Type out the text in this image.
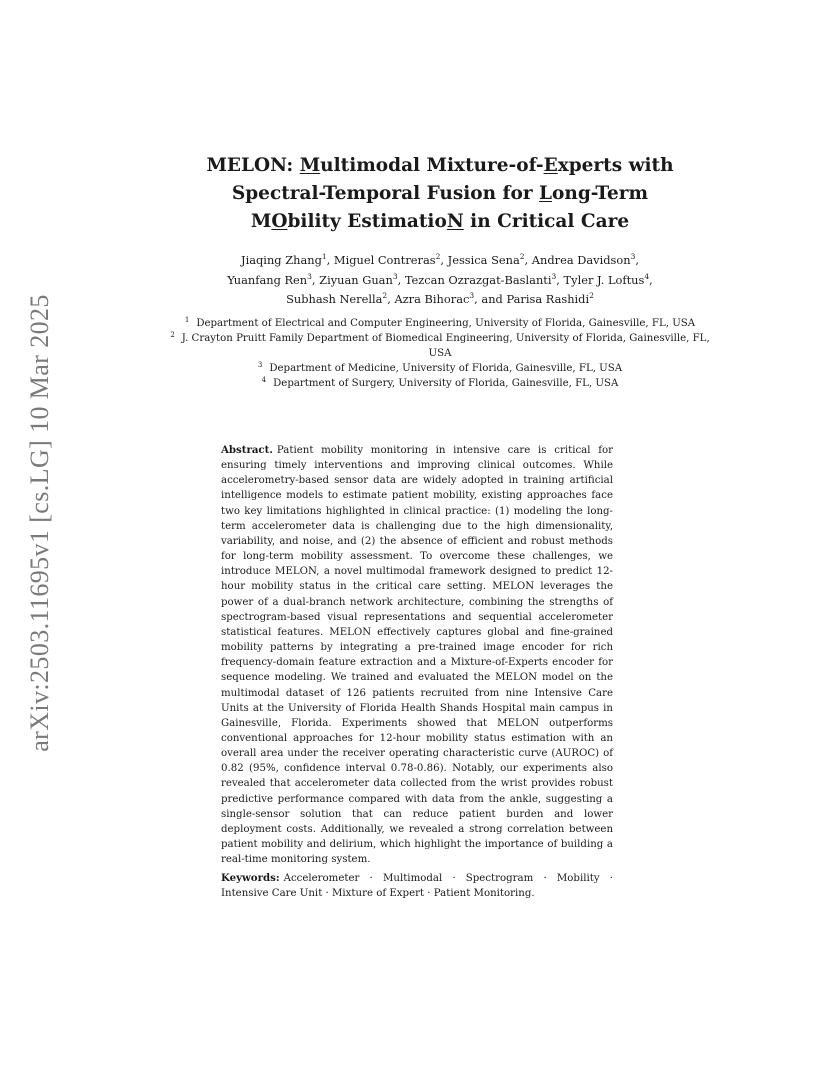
arXiv:2503.11695v1 [cs.LG] 10 Mar 2025
MELON: Multimodal Mixture-of-Experts with
Spectral-Temporal Fusion for Long-Term
MObility EstimatioN in Critical Care
Jiaqing Zhang$^1$, Miguel Contreras$^2$, Jessica Sena$^2$, Andrea Davidson$^3$,
Yuanfang Ren$^3$, Ziyuan Guan$^3$, Tezcan Ozrazgat-Baslanti$^3$, Tyler J. Loftus$^4$,
Subhash Nerella$^2$, Azra Bihorac$^3$, and Parisa Rashidi$^2$
$^1$ Department of Electrical and Computer Engineering, University of Florida, Gainesville, FL, USA
$^2$ J. Crayton Pruitt Family Department of Biomedical Engineering, University of Florida, Gainesville, FL, USA
$^3$ Department of Medicine, University of Florida, Gainesville, FL, USA
$^4$ Department of Surgery, University of Florida, Gainesville, FL, USA
Abstract. Patient mobility monitoring in intensive care is critical for ensuring timely interventions and improving clinical outcomes. While accelerometry-based sensor data are widely adopted in training artificial intelligence models to estimate patient mobility, existing approaches face two key limitations highlighted in clinical practice: (1) modeling the long-term accelerometer data is challenging due to the high dimensionality, variability, and noise, and (2) the absence of efficient and robust methods for long-term mobility assessment. To overcome these challenges, we introduce MELON, a novel multimodal framework designed to predict 12-hour mobility status in the critical care setting. MELON leverages the power of a dual-branch network architecture, combining the strengths of spectrogram-based visual representations and sequential accelerometer statistical features. MELON effectively captures global and fine-grained mobility patterns by integrating a pre-trained image encoder for rich frequency-domain feature extraction and a Mixture-of-Experts encoder for sequence modeling. We trained and evaluated the MELON model on the multimodal dataset of 126 patients recruited from nine Intensive Care Units at the University of Florida Health Shands Hospital main campus in Gainesville, Florida. Experiments showed that MELON outperforms conventional approaches for 12-hour mobility status estimation with an overall area under the receiver operating characteristic curve (AUROC) of 0.82 (95%, confidence interval 0.78-0.86). Notably, our experiments also revealed that accelerometer data collected from the wrist provides robust predictive performance compared with data from the ankle, suggesting a single-sensor solution that can reduce patient burden and lower deployment costs. Additionally, we revealed a strong correlation between patient mobility and delirium, which highlight the importance of building a real-time monitoring system.
Keywords: Accelerometer · Multimodal · Spectrogram · Mobility · Intensive Care Unit · Mixture of Expert · Patient Monitoring.
